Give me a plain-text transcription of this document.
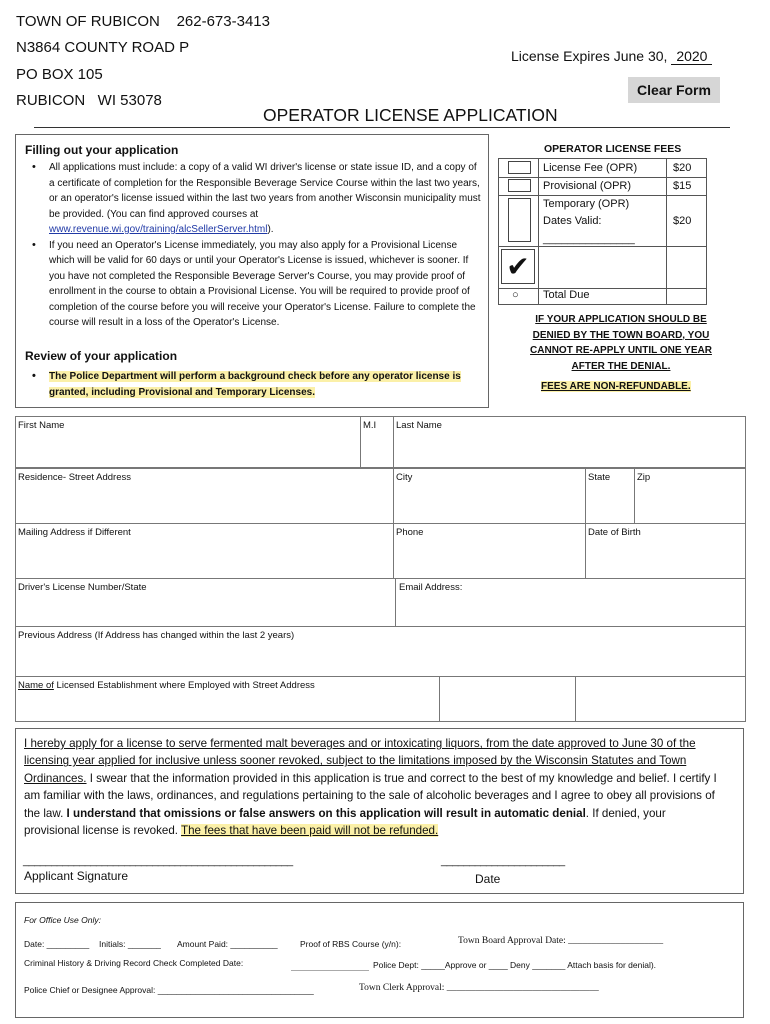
TOWN OF RUBICON 262-673-3413
N3864 COUNTY ROAD P
PO BOX 105
RUBICON   WI 53078
License Expires June 30, 2020
Clear Form
OPERATOR LICENSE APPLICATION
Filling out your application
• All applications must include: a copy of a valid WI driver's license or state issue ID, and a copy of a certificate of completion for the Responsible Beverage Service Course within the last two years, or an operator's license issued within the last two years from another Wisconsin municipality must be provided. (You can find approved courses at www.revenue.wi.gov/training/alcSellerServer.html).
• If you need an Operator's License immediately, you may also apply for a Provisional License which will be valid for 60 days or until your Operator's License is issued, whichever is sooner. If you have not completed the Responsible Beverage Server's Course, you may provide proof of enrollment in the course to obtain a Provisional License. You will be required to provide proof of completion of the course before you will receive your Operator's License. Failure to complete the course will result in a loss of the Operator's License.
Review of your application
• The Police Department will perform a background check before any operator license is granted, including Provisional and Temporary Licenses.
OPERATOR LICENSE FEES
✔
○
License Fee (OPR)	$20
Provisional (OPR)	$15
Temporary (OPR)
Dates Valid:	$20
_______________
Total Due
IF YOUR APPLICATION SHOULD BE DENIED BY THE TOWN BOARD, YOU CANNOT RE-APPLY UNTIL ONE YEAR AFTER THE DENIAL.
FEES ARE NON-REFUNDABLE.
First Name	M.I	Last Name
Residence- Street Address	City	State	Zip
Mailing Address if Different	Phone	Date of Birth
Driver's License Number/State	Email Address:
Previous Address (If Address has changed within the last 2 years)
Name of Licensed Establishment where Employed with Street Address
I hereby apply for a license to serve fermented malt beverages and or intoxicating liquors, from the date approved to June 30 of the licensing year applied for inclusive unless sooner revoked, subject to the limitations imposed by the Wisconsin Statutes and Town Ordinances. I swear that the information provided in this application is true and correct to the best of my knowledge and belief. I certify I am familiar with the laws, ordinances, and regulations pertaining to the sale of alcoholic beverages and I agree to obey all provisions of the law. I understand that omissions or false answers on this application will result in automatic denial. If denied, your provisional license is revoked. The fees that have been paid will not be refunded.
________________________________________________	______________________
Applicant Signature	Date
For Office Use Only:
Date: _________ Initials: _______ Amount Paid: __________	Proof of RBS Course (y/n):	Town Board Approval Date: ____________________
Criminal History & Driving Record Check Completed Date:	Police Dept: _____Approve or ____ Deny _______ Attach basis for denial).
Police Chief or Designee Approval: _________________________________	Town Clerk Approval: ________________________________
